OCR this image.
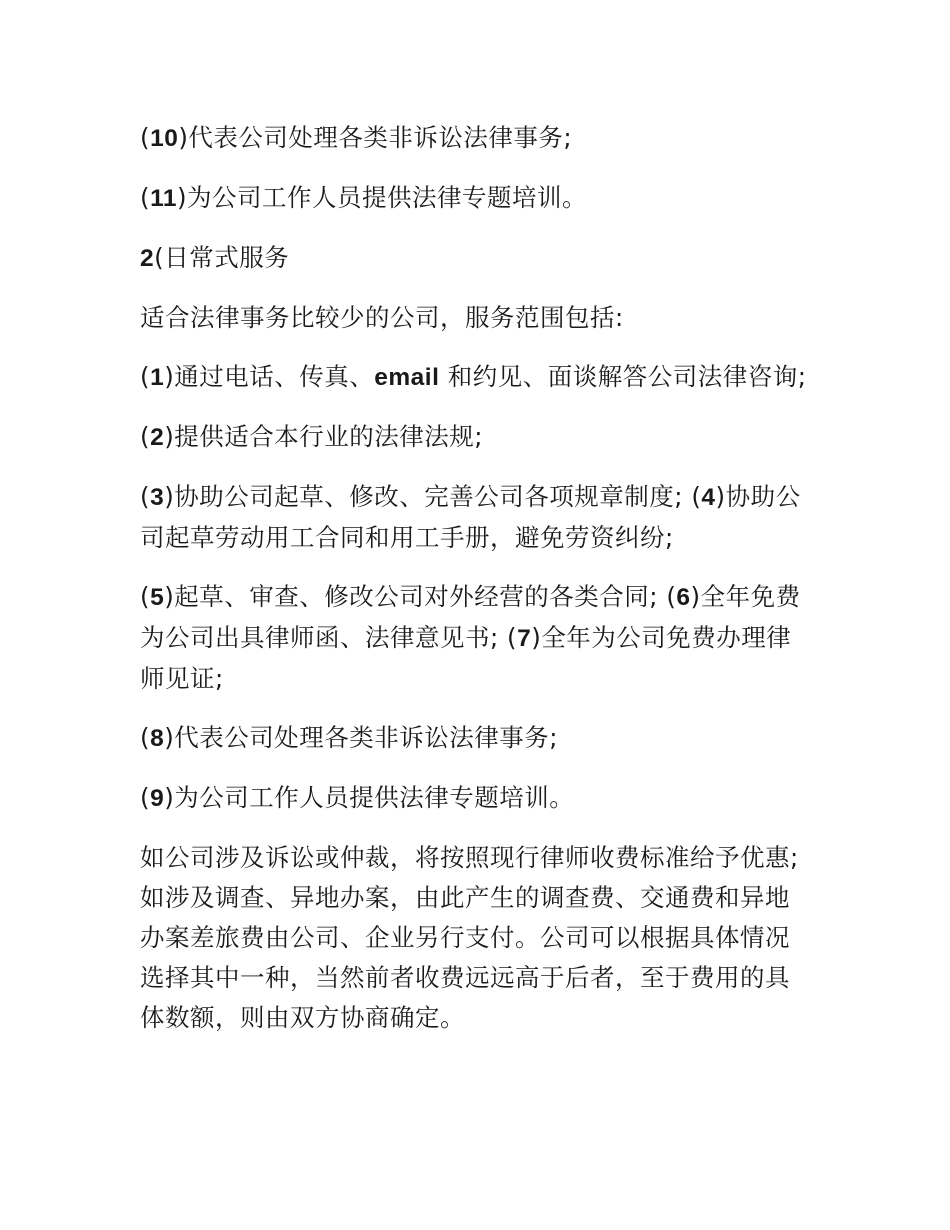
(10)代表公司处理各类非诉讼法律事务;

(11)为公司工作人员提供法律专题培训。

2(日常式服务

适合法律事务比较少的公司，服务范围包括:

(1)通过电话、传真、email 和约见、面谈解答公司法律咨询;

(2)提供适合本行业的法律法规;

(3)协助公司起草、修改、完善公司各项规章制度; (4)协助公司起草劳动用工合同和用工手册，避免劳资纠纷;

(5)起草、审查、修改公司对外经营的各类合同; (6)全年免费为公司出具律师函、法律意见书; (7)全年为公司免费办理律师见证;

(8)代表公司处理各类非诉讼法律事务;

(9)为公司工作人员提供法律专题培训。

如公司涉及诉讼或仲裁，将按照现行律师收费标准给予优惠;如涉及调查、异地办案，由此产生的调查费、交通费和异地办案差旅费由公司、企业另行支付。公司可以根据具体情况选择其中一种，当然前者收费远远高于后者，至于费用的具体数额，则由双方协商确定。
